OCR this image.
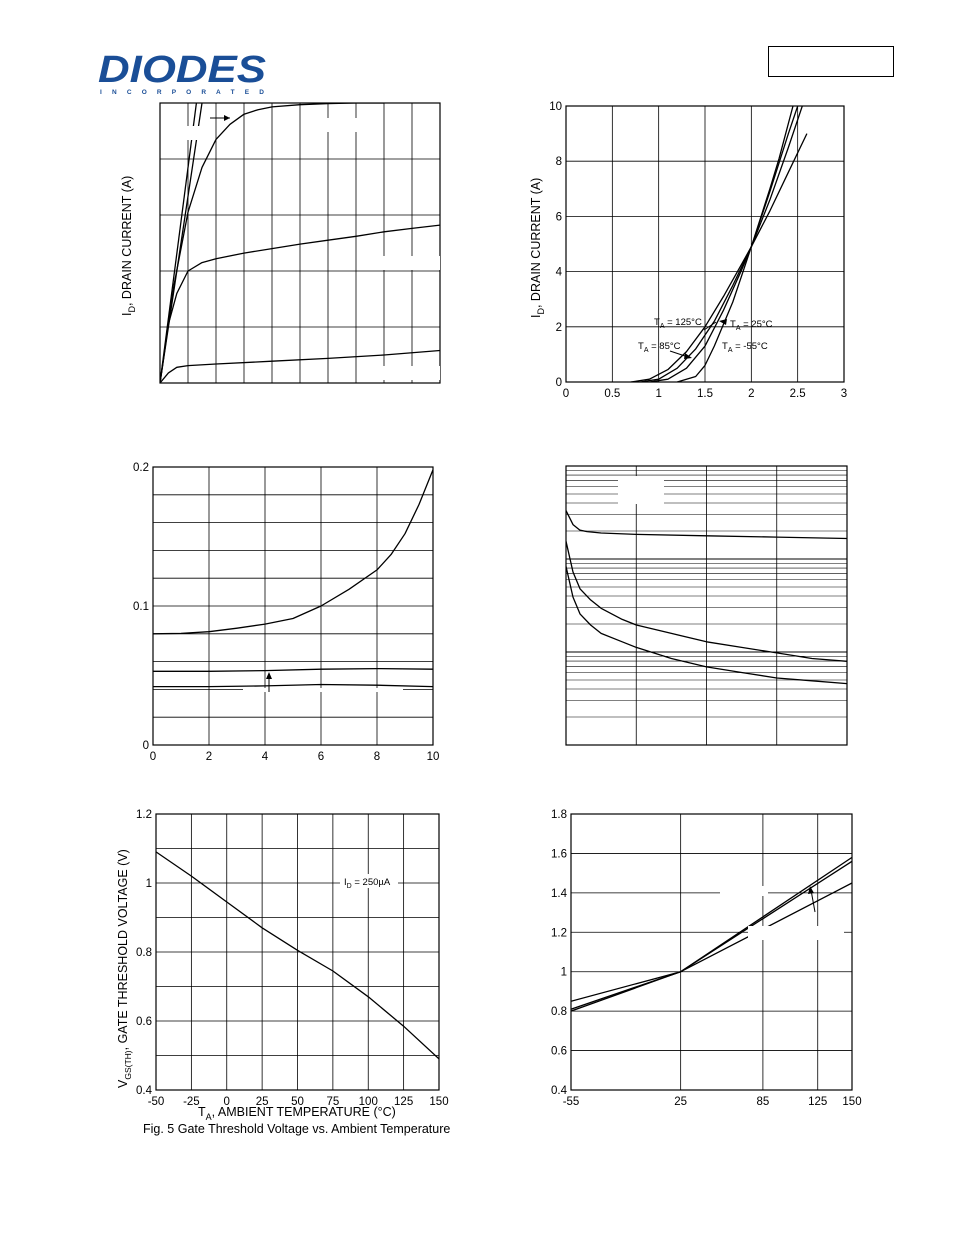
DIODES
I N C O R P O R A T E D
$I_D$, DRAIN CURRENT (A)
0	0.5	1	1.5	2	2.5	3
0
2
4
6
8
10
$T_A = 125^\circ C$	$T_A = 25^\circ C$
$T_A = 85^\circ C$	$T_A = -55^\circ C$
$I_D$, DRAIN CURRENT (A)
0	2	4	6	8	10
0
0.1
0.2
-50 -25 0 25 50 75 100 125 150
0.4
0.6
0.8
1
1.2
$I_D = 250\mu A$
$V_{GS(TH)}$, GATE THRESHOLD VOLTAGE (V)
$T_A$, AMBIENT TEMPERATURE (°C)
Fig. 5 Gate Threshold Voltage vs. Ambient Temperature
-55	25	85	125 150
0.4
0.6
0.8
1
1.2
1.4
1.6
1.8
